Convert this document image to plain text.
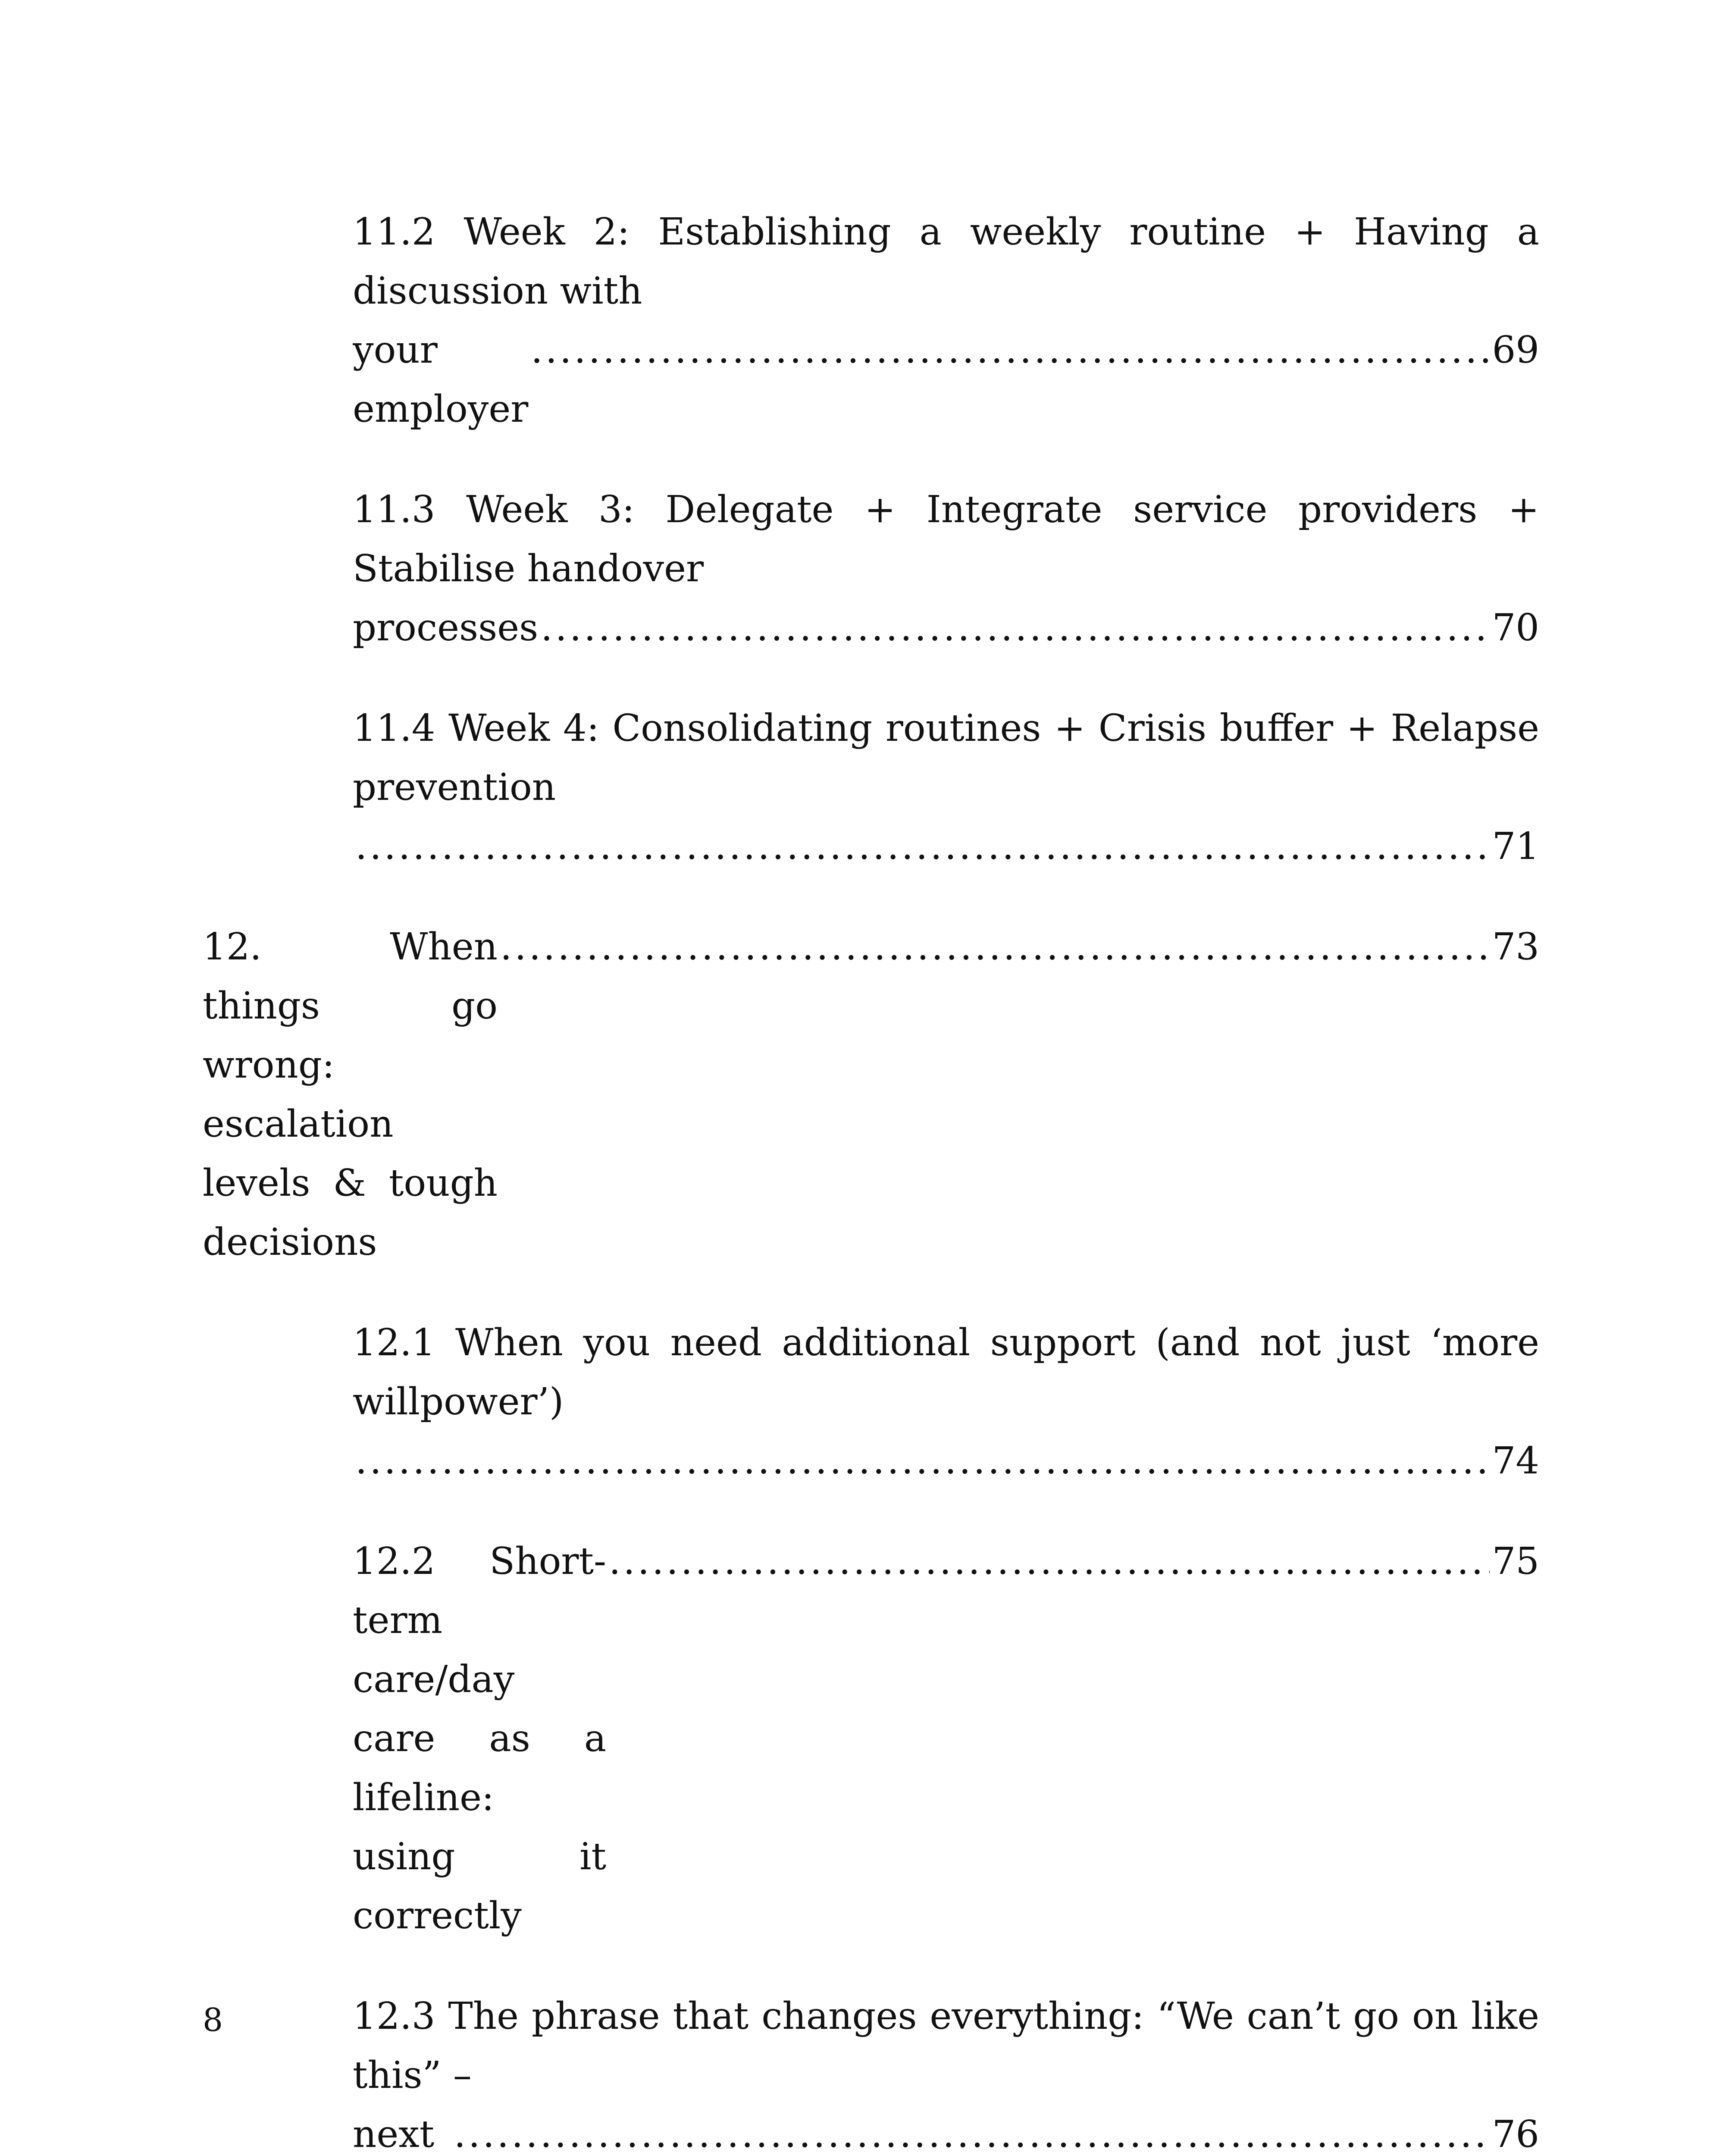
11.2 Week 2: Establishing a weekly routine + Having a discussion with
your employer
.....
69
11.3 Week 3: Delegate + Integrate service providers + Stabilise handover
processes .....	70
11.4 Week 4: Consolidating routines + Crisis buffer + Relapse prevention
.....
71
12. When things go wrong: escalation levels & tough decisions
.....
73
12.1 When you need additional support (and not just ‘more willpower’)
.....
74
12.2 Short-term care/day care as a lifeline: using it correctly
.....
75
12.3 The phrase that changes everything: “We can’t go on like this” –
next .....	76
8
